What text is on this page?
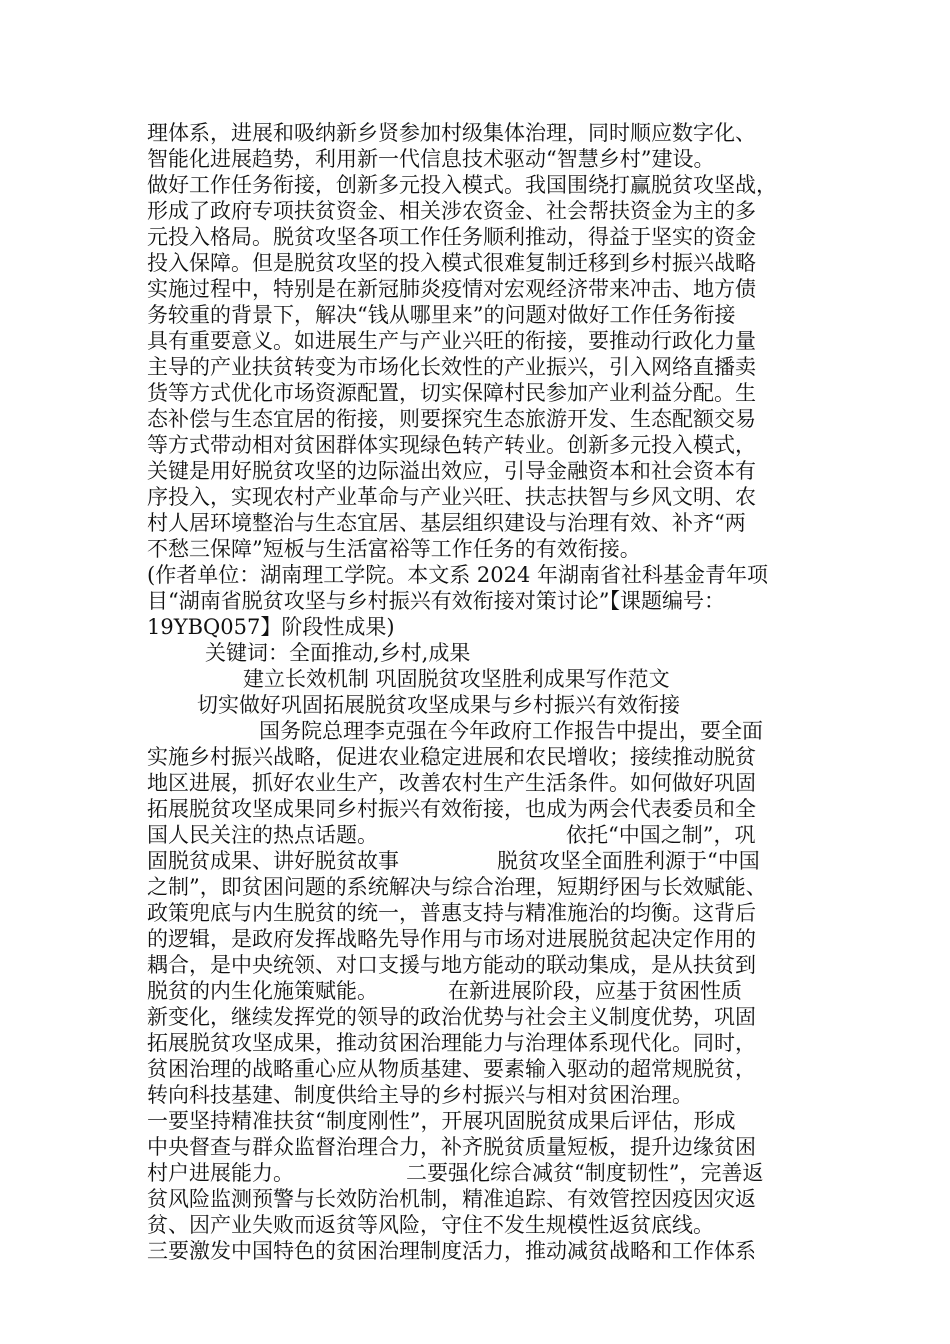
理体系，进展和吸纳新乡贤参加村级集体治理，同时顺应数字化、
智能化进展趋势，利用新一代信息技术驱动“智慧乡村”建设。
做好工作任务衔接，创新多元投入模式。我国围绕打赢脱贫攻坚战，
形成了政府专项扶贫资金、相关涉农资金、社会帮扶资金为主的多
元投入格局。脱贫攻坚各项工作任务顺利推动，得益于坚实的资金
投入保障。但是脱贫攻坚的投入模式很难复制迁移到乡村振兴战略
实施过程中，特别是在新冠肺炎疫情对宏观经济带来冲击、地方债
务较重的背景下，解决“钱从哪里来”的问题对做好工作任务衔接
具有重要意义。如进展生产与产业兴旺的衔接，要推动行政化力量
主导的产业扶贫转变为市场化长效性的产业振兴，引入网络直播卖
货等方式优化市场资源配置，切实保障村民参加产业利益分配。生
态补偿与生态宜居的衔接，则要探究生态旅游开发、生态配额交易
等方式带动相对贫困群体实现绿色转产转业。创新多元投入模式，
关键是用好脱贫攻坚的边际溢出效应，引导金融资本和社会资本有
序投入，实现农村产业革命与产业兴旺、扶志扶智与乡风文明、农
村人居环境整治与生态宜居、基层组织建设与治理有效、补齐“两
不愁三保障”短板与生活富裕等工作任务的有效衔接。
(作者单位：湖南理工学院。本文系 2024 年湖南省社科基金青年项
目“湖南省脱贫攻坚与乡村振兴有效衔接对策讨论”【课题编号：
19YBQ057】阶段性成果)
关键词：全面推动,乡村,成果
建立长效机制 巩固脱贫攻坚胜利成果写作范文
切实做好巩固拓展脱贫攻坚成果与乡村振兴有效衔接
国务院总理李克强在今年政府工作报告中提出，要全面
实施乡村振兴战略，促进农业稳定进展和农民增收；接续推动脱贫
地区进展，抓好农业生产，改善农村生产生活条件。如何做好巩固
拓展脱贫攻坚成果同乡村振兴有效衔接，也成为两会代表委员和全
国人民关注的热点话题。	依托“中国之制”，巩
固脱贫成果、讲好脱贫故事	脱贫攻坚全面胜利源于“中国
之制”，即贫困问题的系统解决与综合治理，短期纾困与长效赋能、
政策兜底与内生脱贫的统一，普惠支持与精准施治的均衡。这背后
的逻辑，是政府发挥战略先导作用与市场对进展脱贫起决定作用的
耦合，是中央统领、对口支援与地方能动的联动集成，是从扶贫到
脱贫的内生化施策赋能。	在新进展阶段，应基于贫困性质
新变化，继续发挥党的领导的政治优势与社会主义制度优势，巩固
拓展脱贫攻坚成果，推动贫困治理能力与治理体系现代化。同时，
贫困治理的战略重心应从物质基建、要素输入驱动的超常规脱贫，
转向科技基建、制度供给主导的乡村振兴与相对贫困治理。
一要坚持精准扶贫“制度刚性”，开展巩固脱贫成果后评估，形成
中央督查与群众监督治理合力，补齐脱贫质量短板，提升边缘贫困
村户进展能力。	二要强化综合减贫“制度韧性”，完善返
贫风险监测预警与长效防治机制，精准追踪、有效管控因疫因灾返
贫、因产业失败而返贫等风险，守住不发生规模性返贫底线。
三要激发中国特色的贫困治理制度活力，推动减贫战略和工作体系
